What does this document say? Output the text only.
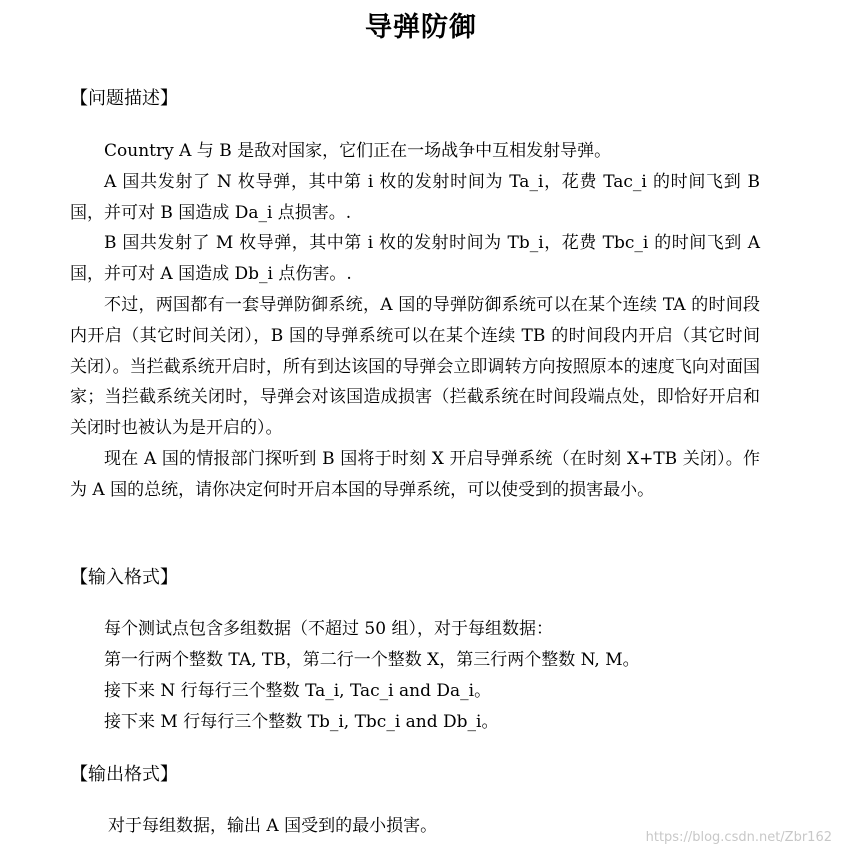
导弹防御
【问题描述】

Country A 与 B 是敌对国家，它们正在一场战争中互相发射导弹。

A 国共发射了 N 枚导弹，其中第 i 枚的发射时间为 Ta_i，花费 Tac_i 的时间飞到 B 国，并可对 B 国造成 Da_i 点损害。.

B 国共发射了 M 枚导弹，其中第 i 枚的发射时间为 Tb_i，花费 Tbc_i 的时间飞到 A 国，并可对 A 国造成 Db_i 点伤害。.

不过，两国都有一套导弹防御系统，A 国的导弹防御系统可以在某个连续 TA 的时间段内开启（其它时间关闭），B 国的导弹系统可以在某个连续 TB 的时间段内开启（其它时间关闭）。当拦截系统开启时，所有到达该国的导弹会立即调转方向按照原本的速度飞向对面国家；当拦截系统关闭时，导弹会对该国造成损害（拦截系统在时间段端点处，即恰好开启和关闭时也被认为是开启的）。

现在 A 国的情报部门探听到 B 国将于时刻 X 开启导弹系统（在时刻 X+TB 关闭）。作为 A 国的总统，请你决定何时开启本国的导弹系统，可以使受到的损害最小。

【输入格式】

每个测试点包含多组数据（不超过 50 组），对于每组数据：

第一行两个整数 TA, TB，第二行一个整数 X，第三行两个整数 N, M。

接下来 N 行每行三个整数 Ta_i, Tac_i and Da_i。

接下来 M 行每行三个整数 Tb_i, Tbc_i and Db_i。

【输出格式】

对于每组数据，输出 A 国受到的最小损害。

https://blog.csdn.net/Zbr162
